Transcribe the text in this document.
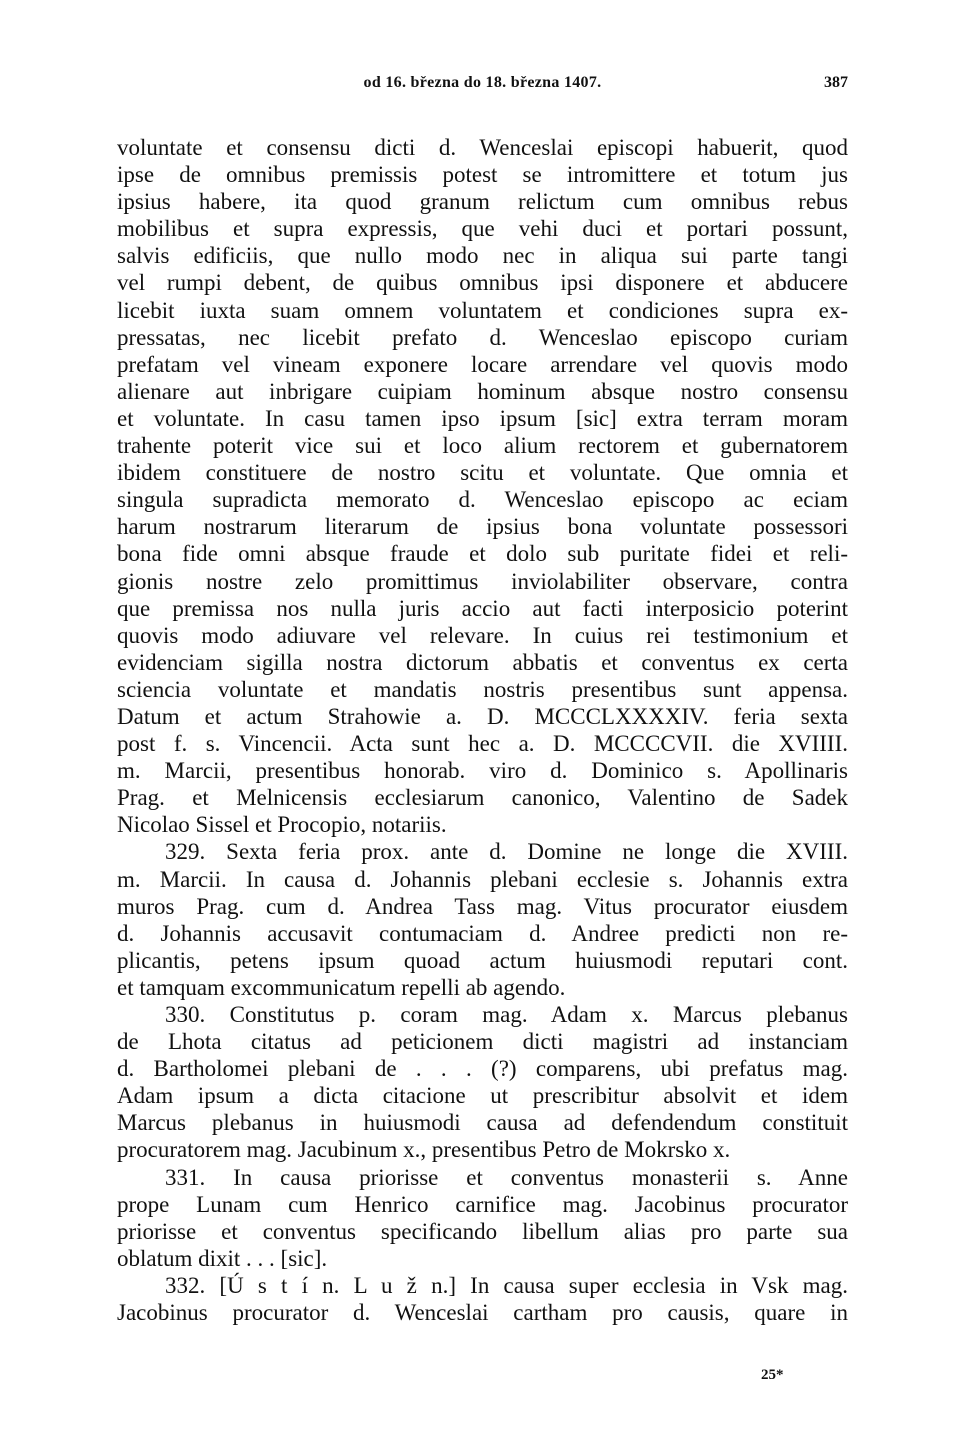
od 16. března do 18. března 1407.	387
voluntate et consensu dicti d. Wenceslai episcopi habuerit, quod
ipse de omnibus premissis potest se intromittere et totum jus
ipsius habere, ita quod granum relictum cum omnibus rebus
mobilibus et supra expressis, que vehi duci et portari possunt,
salvis edificiis, que nullo modo nec in aliqua sui parte tangi
vel rumpi debent, de quibus omnibus ipsi disponere et abducere
licebit iuxta suam omnem voluntatem et condiciones supra ex-
pressatas, nec licebit prefato d. Wenceslao episcopo curiam
prefatam vel vineam exponere locare arrendare vel quovis modo
alienare aut inbrigare cuipiam hominum absque nostro consensu
et voluntate. In casu tamen ipso ipsum [sic] extra terram moram
trahente poterit vice sui et loco alium rectorem et gubernatorem
ibidem constituere de nostro scitu et voluntate. Que omnia et
singula supradicta memorato d. Wenceslao episcopo ac eciam
harum nostrarum literarum de ipsius bona voluntate possessori
bona fide omni absque fraude et dolo sub puritate fidei et reli-
gionis nostre zelo promittimus inviolabiliter observare, contra
que premissa nos nulla juris accio aut facti interposicio poterint
quovis modo adiuvare vel relevare. In cuius rei testimonium et
evidenciam sigilla nostra dictorum abbatis et conventus ex certa
sciencia voluntate et mandatis nostris presentibus sunt appensa.
Datum et actum Strahowie a. D. MCCCLXXXXIV. feria sexta
post f. s. Vincencii. Acta sunt hec a. D. MCCCCVII. die XVIIII.
m. Marcii, presentibus honorab. viro d. Dominico s. Apollinaris
Prag. et Melnicensis ecclesiarum canonico, Valentino de Sadek
Nicolao Sissel et Procopio, notariis.
329. Sexta feria prox. ante d. Domine ne longe die XVIII.
m. Marcii. In causa d. Johannis plebani ecclesie s. Johannis extra
muros Prag. cum d. Andrea Tass mag. Vitus procurator eiusdem
d. Johannis accusavit contumaciam d. Andree predicti non re-
plicantis, petens ipsum quoad actum huiusmodi reputari cont.
et tamquam excommunicatum repelli ab agendo.
330. Constitutus p. coram mag. Adam x. Marcus plebanus
de Lhota citatus ad peticionem dicti magistri ad instanciam
d. Bartholomei plebani de . . . (?) comparens, ubi prefatus mag.
Adam ipsum a dicta citacione ut prescribitur absolvit et idem
Marcus plebanus in huiusmodi causa ad defendendum constituit
procuratorem mag. Jacubinum x., presentibus Petro de Mokrsko x.
331. In causa priorisse et conventus monasterii s. Anne
prope Lunam cum Henrico carnifice mag. Jacobinus procurator
priorisse et conventus specificando libellum alias pro parte sua
oblatum dixit . . . [sic].
332. [Ú s t í n. L u ž n.] In causa super ecclesia in Vsk mag.
Jacobinus procurator d. Wenceslai cartham pro causis, quare in
25*
